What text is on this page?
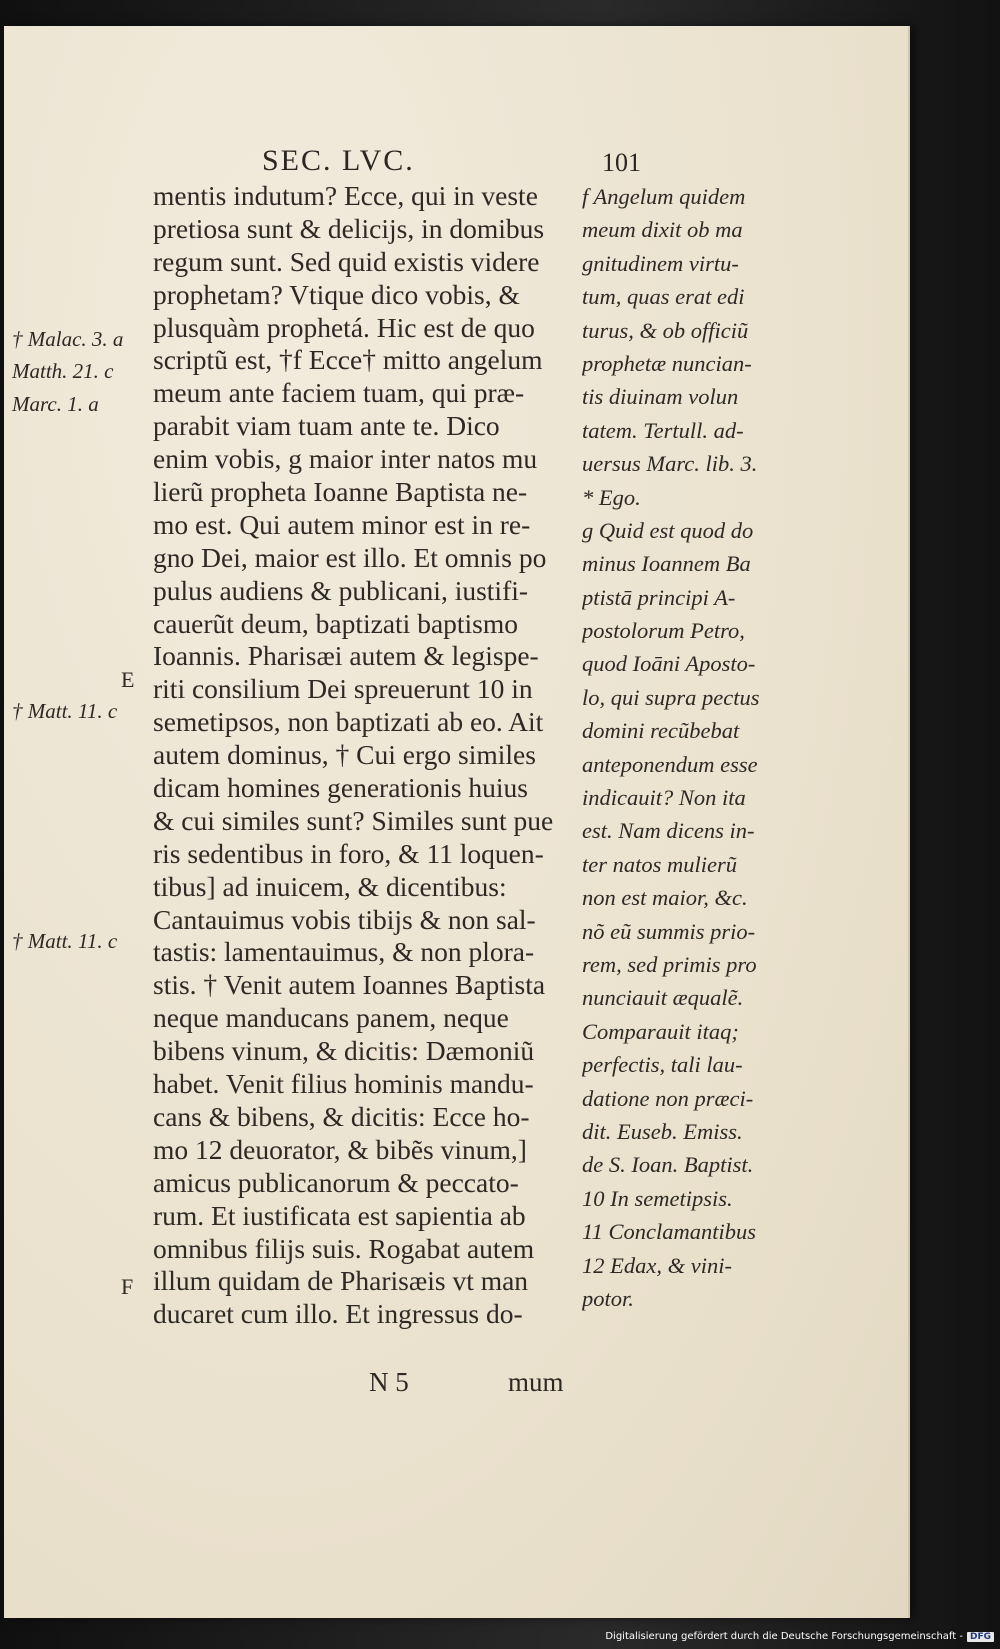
SEC. LVC.	101
† Malac. 3. a
Matth. 21. c
Marc. 1. a
† Matt. 11. c
† Matt. 11. c
E
F
mentis indutum? Ecce, qui in veste
pretiosa sunt & delicijs, in domibus
regum sunt. Sed quid existis videre
prophetam? Vtique dico vobis, &
plusquàm prophetá. Hic est de quo
scriptũ est, †f Ecce† mitto angelum
meum ante faciem tuam, qui præ-
parabit viam tuam ante te. Dico
enim vobis, g maior inter natos mu
lierũ propheta Ioanne Baptista ne-
mo est. Qui autem minor est in re-
gno Dei, maior est illo. Et omnis po
pulus audiens & publicani, iustifi-
cauerũt deum, baptizati baptismo
Ioannis. Pharisæi autem & legispe-
riti consilium Dei spreuerunt 10 in
semetipsos, non baptizati ab eo. Ait
autem dominus, † Cui ergo similes
dicam homines generationis huius
& cui similes sunt? Similes sunt pue
ris sedentibus in foro, & 11 loquen-
tibus] ad inuicem, & dicentibus:
Cantauimus vobis tibijs & non sal-
tastis: lamentauimus, & non plora-
stis. † Venit autem Ioannes Baptista
neque manducans panem, neque
bibens vinum, & dicitis: Dæmoniũ
habet. Venit filius hominis mandu-
cans & bibens, & dicitis: Ecce ho-
mo 12 deuorator, & bibẽs vinum,]
amicus publicanorum & peccato-
rum. Et iustificata est sapientia ab
omnibus filijs suis. Rogabat autem
illum quidam de Pharisæis vt man
ducaret cum illo. Et ingressus do-
f Angelum quidem
meum dixit ob ma
gnitudinem virtu-
tum, quas erat edi
turus, & ob officiũ
prophetæ nuncian-
tis diuinam volun
tatem. Tertull. ad-
uersus Marc. lib. 3.
* Ego.
g Quid est quod do
minus Ioannem Ba
ptistā principi A-
postolorum Petro,
quod Ioāni Aposto-
lo, qui supra pectus
domini recũbebat
anteponendum esse
indicauit? Non ita
est. Nam dicens in-
ter natos mulierũ
non est maior, &c.
nõ eũ summis prio-
rem, sed primis pro
nunciauit æqualẽ.
Comparauit itaq;
perfectis, tali lau-
datione non præci-
dit. Euseb. Emiss.
de S. Ioan. Baptist.
10 In semetipsis.
11 Conclamantibus
12 Edax, & vini-
potor.
N 5	mum
Digitalisierung gefördert durch die Deutsche Forschungsgemeinschaft - DFG
